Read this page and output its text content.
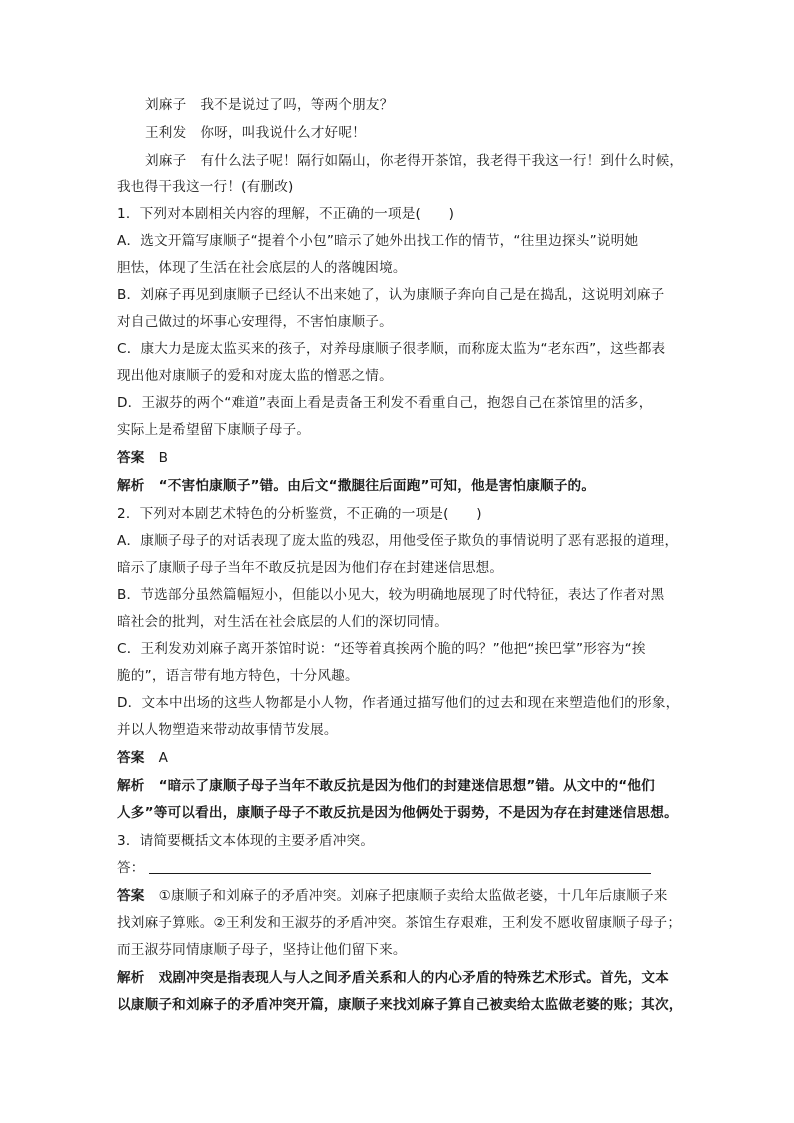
刘麻子 我不是说过了吗，等两个朋友？
王利发 你呀，叫我说什么才好呢！
刘麻子 有什么法子呢！隔行如隔山，你老得开茶馆，我老得干我这一行！到什么时候，
我也得干我这一行！(有删改)
1．下列对本剧相关内容的理解，不正确的一项是(　　)
A．选文开篇写康顺子“提着个小包”暗示了她外出找工作的情节，“往里边探头”说明她
胆怯，体现了生活在社会底层的人的落魄困境。
B．刘麻子再见到康顺子已经认不出来她了，认为康顺子奔向自己是在捣乱，这说明刘麻子
对自己做过的坏事心安理得，不害怕康顺子。
C．康大力是庞太监买来的孩子，对养母康顺子很孝顺，而称庞太监为“老东西”，这些都表
现出他对康顺子的爱和对庞太监的憎恶之情。
D．王淑芬的两个“难道”表面上看是责备王利发不看重自己，抱怨自己在茶馆里的活多，
实际上是希望留下康顺子母子。
答案 B
解析 “不害怕康顺子”错。由后文“撒腿往后面跑”可知，他是害怕康顺子的。
2．下列对本剧艺术特色的分析鉴赏，不正确的一项是(　　)
A．康顺子母子的对话表现了庞太监的残忍，用他受侄子欺负的事情说明了恶有恶报的道理，
暗示了康顺子母子当年不敢反抗是因为他们存在封建迷信思想。
B．节选部分虽然篇幅短小，但能以小见大，较为明确地展现了时代特征，表达了作者对黑
暗社会的批判，对生活在社会底层的人们的深切同情。
C．王利发劝刘麻子离开茶馆时说：“还等着真挨两个脆的吗？”他把“挨巴掌”形容为“挨
脆的”，语言带有地方特色，十分风趣。
D．文本中出场的这些人物都是小人物，作者通过描写他们的过去和现在来塑造他们的形象，
并以人物塑造来带动故事情节发展。
答案 A
解析 “暗示了康顺子母子当年不敢反抗是因为他们的封建迷信思想”错。从文中的“他们
人多”等可以看出，康顺子母子不敢反抗是因为他俩处于弱势，不是因为存在封建迷信思想。
3．请简要概括文本体现的主要矛盾冲突。
答：
答案 ①康顺子和刘麻子的矛盾冲突。刘麻子把康顺子卖给太监做老婆，十几年后康顺子来
找刘麻子算账。②王利发和王淑芬的矛盾冲突。茶馆生存艰难，王利发不愿收留康顺子母子；
而王淑芬同情康顺子母子，坚持让他们留下来。
解析 戏剧冲突是指表现人与人之间矛盾关系和人的内心矛盾的特殊艺术形式。首先，文本
以康顺子和刘麻子的矛盾冲突开篇，康顺子来找刘麻子算自己被卖给太监做老婆的账；其次，
